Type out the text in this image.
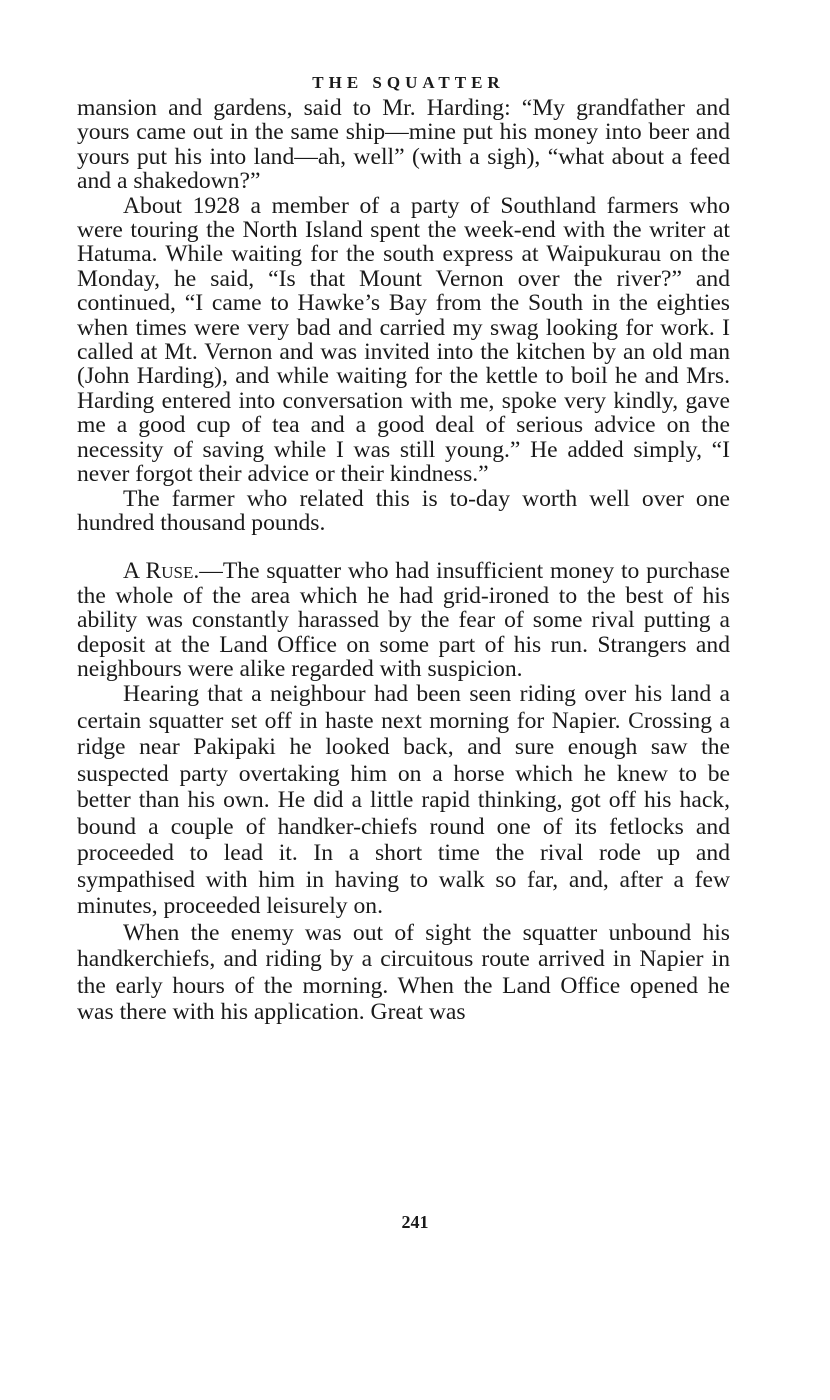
THE SQUATTER

mansion and gardens, said to Mr. Harding: “My grandfather and yours came out in the same ship—mine put his money into beer and yours put his into land—ah, well” (with a sigh), “what about a feed and a shakedown?”

About 1928 a member of a party of Southland farmers who were touring the North Island spent the week-end with the writer at Hatuma. While waiting for the south express at Waipukurau on the Monday, he said, “Is that Mount Vernon over the river?” and continued, “I came to Hawke’s Bay from the South in the eighties when times were very bad and carried my swag looking for work. I called at Mt. Vernon and was invited into the kitchen by an old man (John Harding), and while waiting for the kettle to boil he and Mrs. Harding entered into conversation with me, spoke very kindly, gave me a good cup of tea and a good deal of serious advice on the necessity of saving while I was still young.” He added simply, “I never forgot their advice or their kindness.”

The farmer who related this is to-day worth well over one hundred thousand pounds.

A Ruse.—The squatter who had insufficient money to purchase the whole of the area which he had grid-ironed to the best of his ability was constantly harassed by the fear of some rival putting a deposit at the Land Office on some part of his run. Strangers and neighbours were alike regarded with suspicion.

Hearing that a neighbour had been seen riding over his land a certain squatter set off in haste next morning for Napier. Crossing a ridge near Pakipaki he looked back, and sure enough saw the suspected party overtaking him on a horse which he knew to be better than his own. He did a little rapid thinking, got off his hack, bound a couple of handker-chiefs round one of its fetlocks and proceeded to lead it. In a short time the rival rode up and sympathised with him in having to walk so far, and, after a few minutes, proceeded leisurely on.

When the enemy was out of sight the squatter unbound his handkerchiefs, and riding by a circuitous route arrived in Napier in the early hours of the morning. When the Land Office opened he was there with his application. Great was

241
